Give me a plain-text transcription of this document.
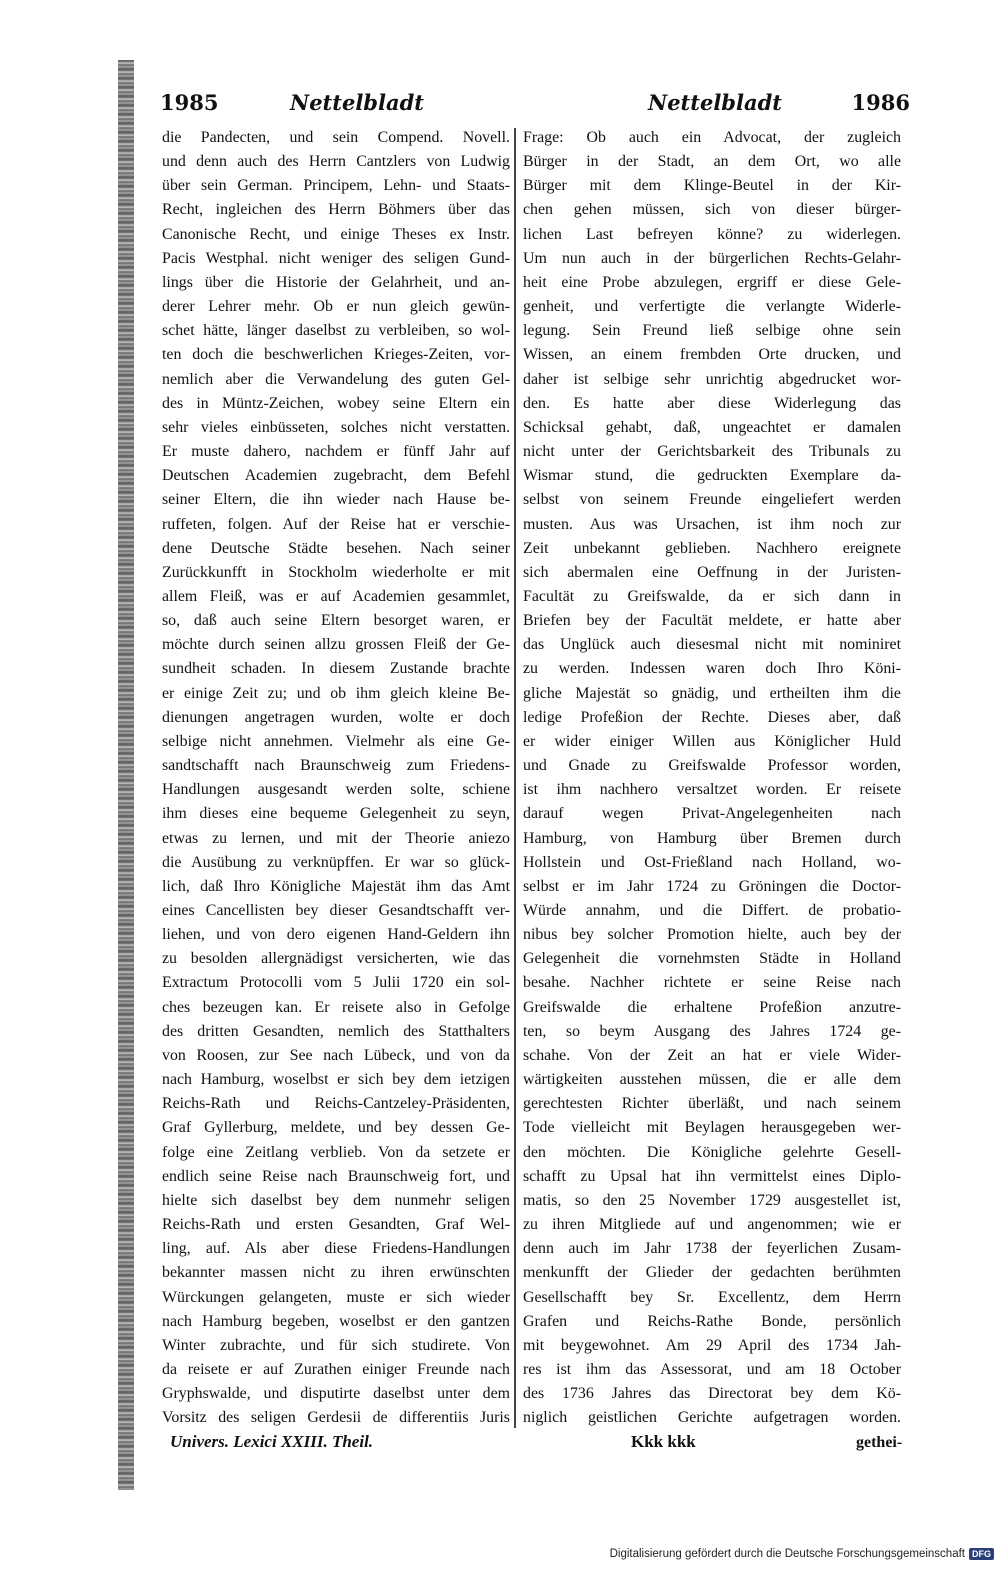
1985	Nettelbladt	Nettelbladt	1986
die Pandecten, und sein Compend. Novell.
und denn auch des Herrn Cantzlers von Ludwig
über sein German. Principem, Lehn- und Staats-
Recht, ingleichen des Herrn Böhmers über das
Canonische Recht, und einige Theses ex Instr.
Pacis Westphal. nicht weniger des seligen Gund-
lings über die Historie der Gelahrheit, und an-
derer Lehrer mehr. Ob er nun gleich gewün-
schet hätte, länger daselbst zu verbleiben, so wol-
ten doch die beschwerlichen Krieges-Zeiten, vor-
nemlich aber die Verwandelung des guten Gel-
des in Müntz-Zeichen, wobey seine Eltern ein
sehr vieles einbüsseten, solches nicht verstatten.
Er muste dahero, nachdem er fünff Jahr auf
Deutschen Academien zugebracht, dem Befehl
seiner Eltern, die ihn wieder nach Hause be-
ruffeten, folgen. Auf der Reise hat er verschie-
dene Deutsche Städte besehen. Nach seiner
Zurückkunfft in Stockholm wiederholte er mit
allem Fleiß, was er auf Academien gesammlet,
so, daß auch seine Eltern besorget waren, er
möchte durch seinen allzu grossen Fleiß der Ge-
sundheit schaden. In diesem Zustande brachte
er einige Zeit zu; und ob ihm gleich kleine Be-
dienungen angetragen wurden, wolte er doch
selbige nicht annehmen. Vielmehr als eine Ge-
sandtschafft nach Braunschweig zum Friedens-
Handlungen ausgesandt werden solte, schiene
ihm dieses eine bequeme Gelegenheit zu seyn,
etwas zu lernen, und mit der Theorie aniezo
die Ausübung zu verknüpffen. Er war so glück-
lich, daß Ihro Königliche Majestät ihm das Amt
eines Cancellisten bey dieser Gesandtschafft ver-
liehen, und von dero eigenen Hand-Geldern ihn
zu besolden allergnädigst versicherten, wie das
Extractum Protocolli vom 5 Julii 1720 ein sol-
ches bezeugen kan. Er reisete also in Gefolge
des dritten Gesandten, nemlich des Statthalters
von Roosen, zur See nach Lübeck, und von da
nach Hamburg, woselbst er sich bey dem ietzigen
Reichs-Rath und Reichs-Cantzeley-Präsidenten,
Graf Gyllerburg, meldete, und bey dessen Ge-
folge eine Zeitlang verblieb. Von da setzete er
endlich seine Reise nach Braunschweig fort, und
hielte sich daselbst bey dem nunmehr seligen
Reichs-Rath und ersten Gesandten, Graf Wel-
ling, auf. Als aber diese Friedens-Handlungen
bekannter massen nicht zu ihren erwünschten
Würckungen gelangeten, muste er sich wieder
nach Hamburg begeben, woselbst er den gantzen
Winter zubrachte, und für sich studirete. Von
da reisete er auf Zurathen einiger Freunde nach
Gryphswalde, und disputirte daselbst unter dem
Vorsitz des seligen Gerdesii de differentiis Juris
Frage: Ob auch ein Advocat, der zugleich
Bürger in der Stadt, an dem Ort, wo alle
Bürger mit dem Klinge-Beutel in der Kir-
chen gehen müssen, sich von dieser bürger-
lichen Last befreyen könne? zu widerlegen.
Um nun auch in der bürgerlichen Rechts-Gelahr-
heit eine Probe abzulegen, ergriff er diese Gele-
genheit, und verfertigte die verlangte Widerle-
legung. Sein Freund ließ selbige ohne sein
Wissen, an einem frembden Orte drucken, und
daher ist selbige sehr unrichtig abgedrucket wor-
den. Es hatte aber diese Widerlegung das
Schicksal gehabt, daß, ungeachtet er damalen
nicht unter der Gerichtsbarkeit des Tribunals zu
Wismar stund, die gedruckten Exemplare da-
selbst von seinem Freunde eingeliefert werden
musten. Aus was Ursachen, ist ihm noch zur
Zeit unbekannt geblieben. Nachhero ereignete
sich abermalen eine Oeffnung in der Juristen-
Facultät zu Greifswalde, da er sich dann in
Briefen bey der Facultät meldete, er hatte aber
das Unglück auch diesesmal nicht mit nominiret
zu werden. Indessen waren doch Ihro Köni-
gliche Majestät so gnädig, und ertheilten ihm die
ledige Profeßion der Rechte. Dieses aber, daß
er wider einiger Willen aus Königlicher Huld
und Gnade zu Greifswalde Professor worden,
ist ihm nachhero versaltzet worden. Er reisete
darauf wegen Privat-Angelegenheiten nach
Hamburg, von Hamburg über Bremen durch
Hollstein und Ost-Frießland nach Holland, wo-
selbst er im Jahr 1724 zu Gröningen die Doctor-
Würde annahm, und die Differt. de probatio-
nibus bey solcher Promotion hielte, auch bey der
Gelegenheit die vornehmsten Städte in Holland
besahe. Nachher richtete er seine Reise nach
Greifswalde die erhaltene Profeßion anzutre-
ten, so beym Ausgang des Jahres 1724 ge-
schahe. Von der Zeit an hat er viele Wider-
wärtigkeiten ausstehen müssen, die er alle dem
gerechtesten Richter überläßt, und nach seinem
Tode vielleicht mit Beylagen herausgegeben wer-
den möchten. Die Königliche gelehrte Gesell-
schafft zu Upsal hat ihn vermittelst eines Diplo-
matis, so den 25 November 1729 ausgestellet ist,
zu ihren Mitgliede auf und angenommen; wie er
denn auch im Jahr 1738 der feyerlichen Zusam-
menkunfft der Glieder der gedachten berühmten
Gesellschafft bey Sr. Excellentz, dem Herrn
Grafen und Reichs-Rathe Bonde, persönlich
mit beygewohnet. Am 29 April des 1734 Jah-
res ist ihm das Assessorat, und am 18 October
des 1736 Jahres das Directorat bey dem Kö-
niglich geistlichen Gerichte aufgetragen worden.
Univers. Lexici XXIII. Theil.	Kkk kkk	gethei-
Digitalisierung gefördert durch die Deutsche Forschungsgemeinschaft DFG
